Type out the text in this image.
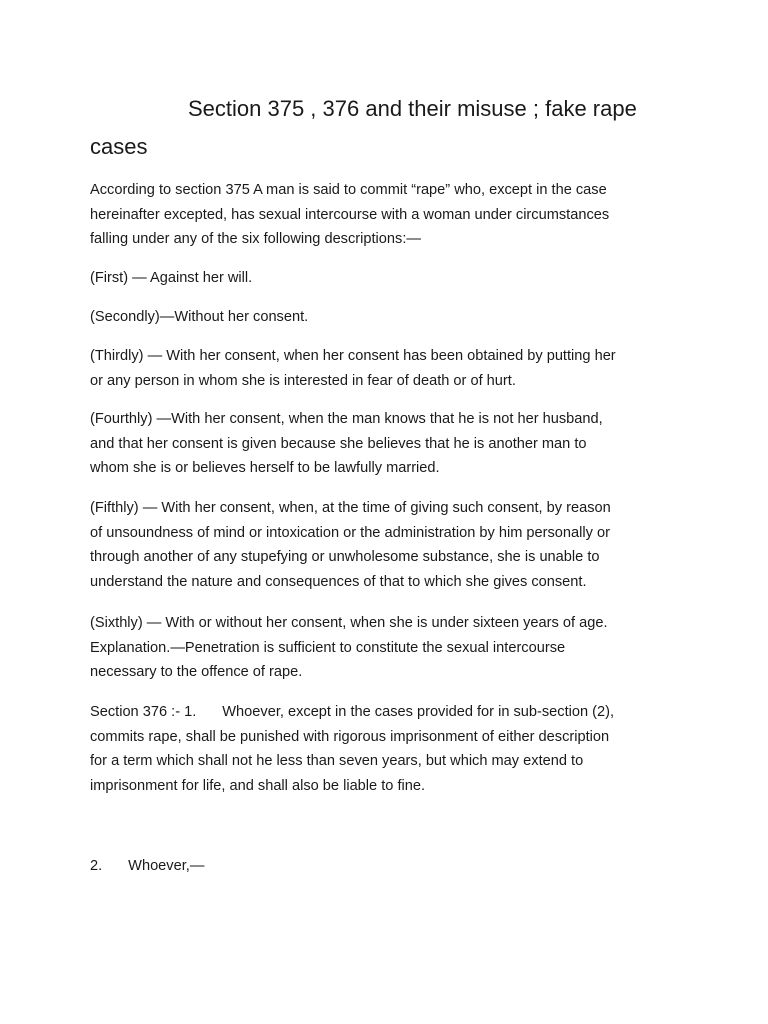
Section 375 , 376 and their misuse ; fake rape
cases
According to section 375 A man is said to commit “rape” who, except in the case
hereinafter excepted, has sexual intercourse with a woman under circumstances
falling under any of the six following descriptions:—
(First) — Against her will.
(Secondly)—Without her consent.
(Thirdly) — With her consent, when her consent has been obtained by putting her
or any person in whom she is interested in fear of death or of hurt.
(Fourthly) —With her consent, when the man knows that he is not her husband,
and that her consent is given because she believes that he is another man to
whom she is or believes herself to be lawfully married.
(Fifthly) — With her consent, when, at the time of giving such consent, by reason
of unsoundness of mind or intoxication or the administration by him personally or
through another of any stupefying or unwholesome substance, she is unable to
understand the nature and consequences of that to which she gives consent.
(Sixthly) — With or without her consent, when she is under sixteen years of age.
Explanation.—Penetration is sufficient to constitute the sexual intercourse
necessary to the offence of rape.
Section 376 :- 1. Whoever, except in the cases provided for in sub-section (2),
commits rape, shall be punished with rigorous imprisonment of either description
for a term which shall not he less than seven years, but which may extend to
imprisonment for life, and shall also be liable to fine.
2. Whoever,—
